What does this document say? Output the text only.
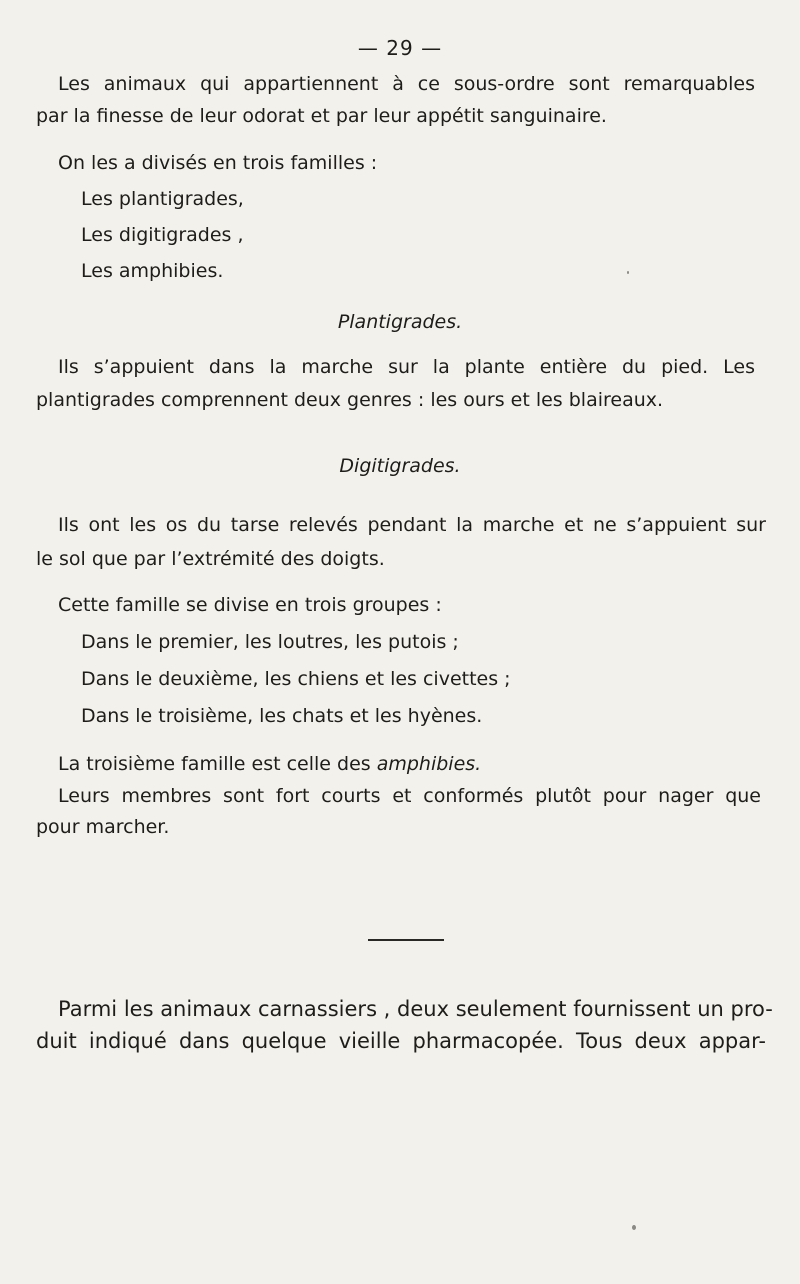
— 29 —
Les animaux qui appartiennent à ce sous-ordre sont remarquables
par la finesse de leur odorat et par leur appétit sanguinaire.
On les a divisés en trois familles :
Les plantigrades,
Les digitigrades ,
Les amphibies.
Plantigrades.
Ils s’appuient dans la marche sur la plante entière du pied. Les
plantigrades comprennent deux genres : les ours et les blaireaux.
Digitigrades.
Ils ont les os du tarse relevés pendant la marche et ne s’appuient sur
le sol que par l’extrémité des doigts.
Cette famille se divise en trois groupes :
Dans le premier, les loutres, les putois ;
Dans le deuxième, les chiens et les civettes ;
Dans le troisième, les chats et les hyènes.
La troisième famille est celle des amphibies.
Leurs membres sont fort courts et conformés plutôt pour nager que
pour marcher.
Parmi les animaux carnassiers , deux seulement fournissent un pro-
duit indiqué dans quelque vieille pharmacopée. Tous deux appar-
